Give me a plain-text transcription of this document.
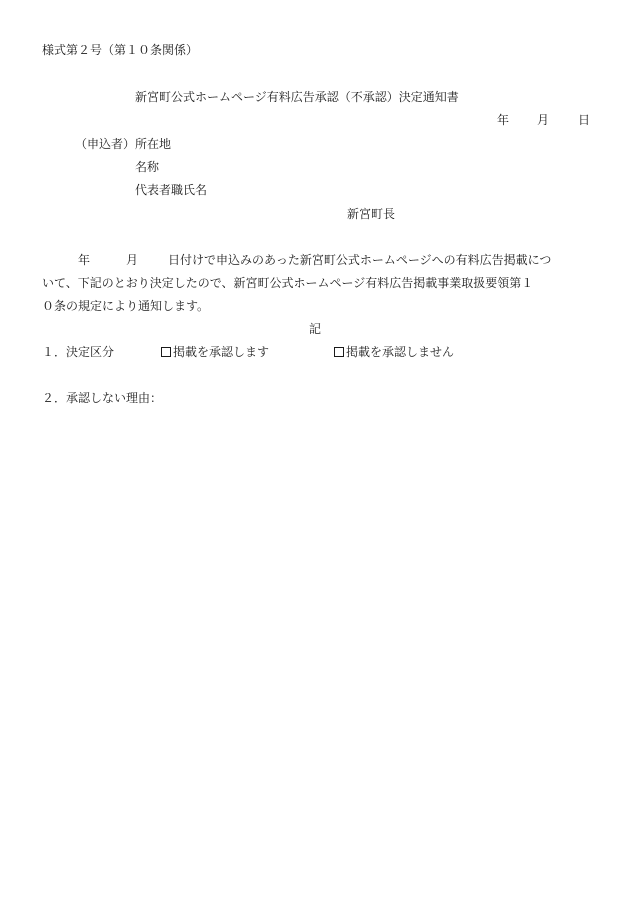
様式第２号（第１０条関係）
新宮町公式ホームページ有料広告承認（不承認）決定通知書
年 月 日
（申込者） 所在地
名称
代表者職氏名
新宮町長
年	月	日付けで申込みのあった新宮町公式ホームページへの有料広告掲載につ
いて、下記のとおり決定したので、新宮町公式ホームページ有料広告掲載事業取扱要領第１
０条の規定により通知します。
記
１．決定区分	掲載を承認します	掲載を承認しません
２．承認しない理由：
